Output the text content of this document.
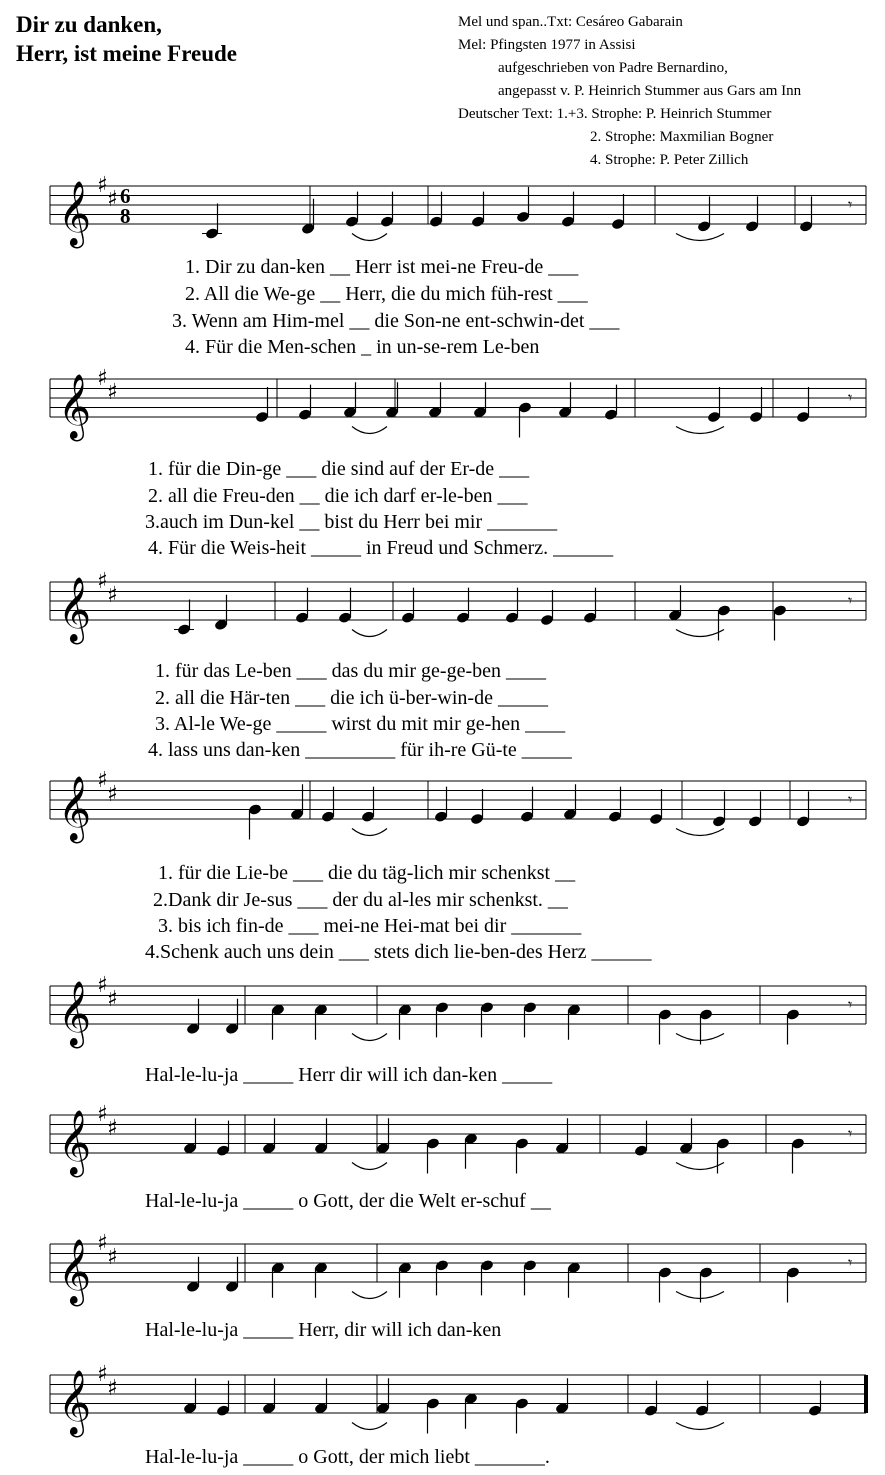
Dir zu danken,
Herr, ist meine Freude
Mel und span..Txt: Cesáreo Gabarain
Mel: Pfingsten 1977 in Assisi
aufgeschrieben von Padre Bernardino,
angepasst v. P. Heinrich Stummer aus Gars am Inn
Deutscher Text: 1.+3. Strophe: P. Heinrich Stummer
2. Strophe: Maxmilian Bogner
4. Strophe: P. Peter Zillich
𝄞 ♯
♯ 6
8	𝄾
𝄞 ♯
♯	𝄾
𝄞 ♯
♯	𝄾
𝄞 ♯
♯	𝄾
𝄞 ♯
♯	𝄾
𝄞 ♯
♯	𝄾
𝄞 ♯
♯	𝄾
𝄞 ♯
♯
1. Dir zu dan-ken __ Herr ist mei-ne Freu-de ___
2. All die We-ge __ Herr, die du mich füh-rest ___
3. Wenn am Him-mel __ die Son-ne ent-schwin-det ___
4. Für die Men-schen _ in un-se-rem Le-ben
1. für die Din-ge ___ die sind auf der Er-de ___
2. all die Freu-den __ die ich darf er-le-ben ___
3.auch im Dun-kel __ bist du Herr bei mir _______
4. Für die Weis-heit _____ in Freud und Schmerz. ______
1. für das Le-ben ___ das du mir ge-ge-ben ____
2. all die Här-ten ___ die ich ü-ber-win-de _____
3. Al-le We-ge _____ wirst du mit mir ge-hen ____
4. lass uns dan-ken _________ für ih-re Gü-te _____
1. für die Lie-be ___ die du täg-lich mir schenkst __
2.Dank dir Je-sus ___ der du al-les mir schenkst. __
3. bis ich fin-de ___ mei-ne Hei-mat bei dir _______
4.Schenk auch uns dein ___ stets dich lie-ben-des Herz ______
Hal-le-lu-ja _____ Herr dir will ich dan-ken _____
Hal-le-lu-ja _____ o Gott, der die Welt er-schuf __
Hal-le-lu-ja _____ Herr, dir will ich dan-ken
Hal-le-lu-ja _____ o Gott, der mich liebt _______.
